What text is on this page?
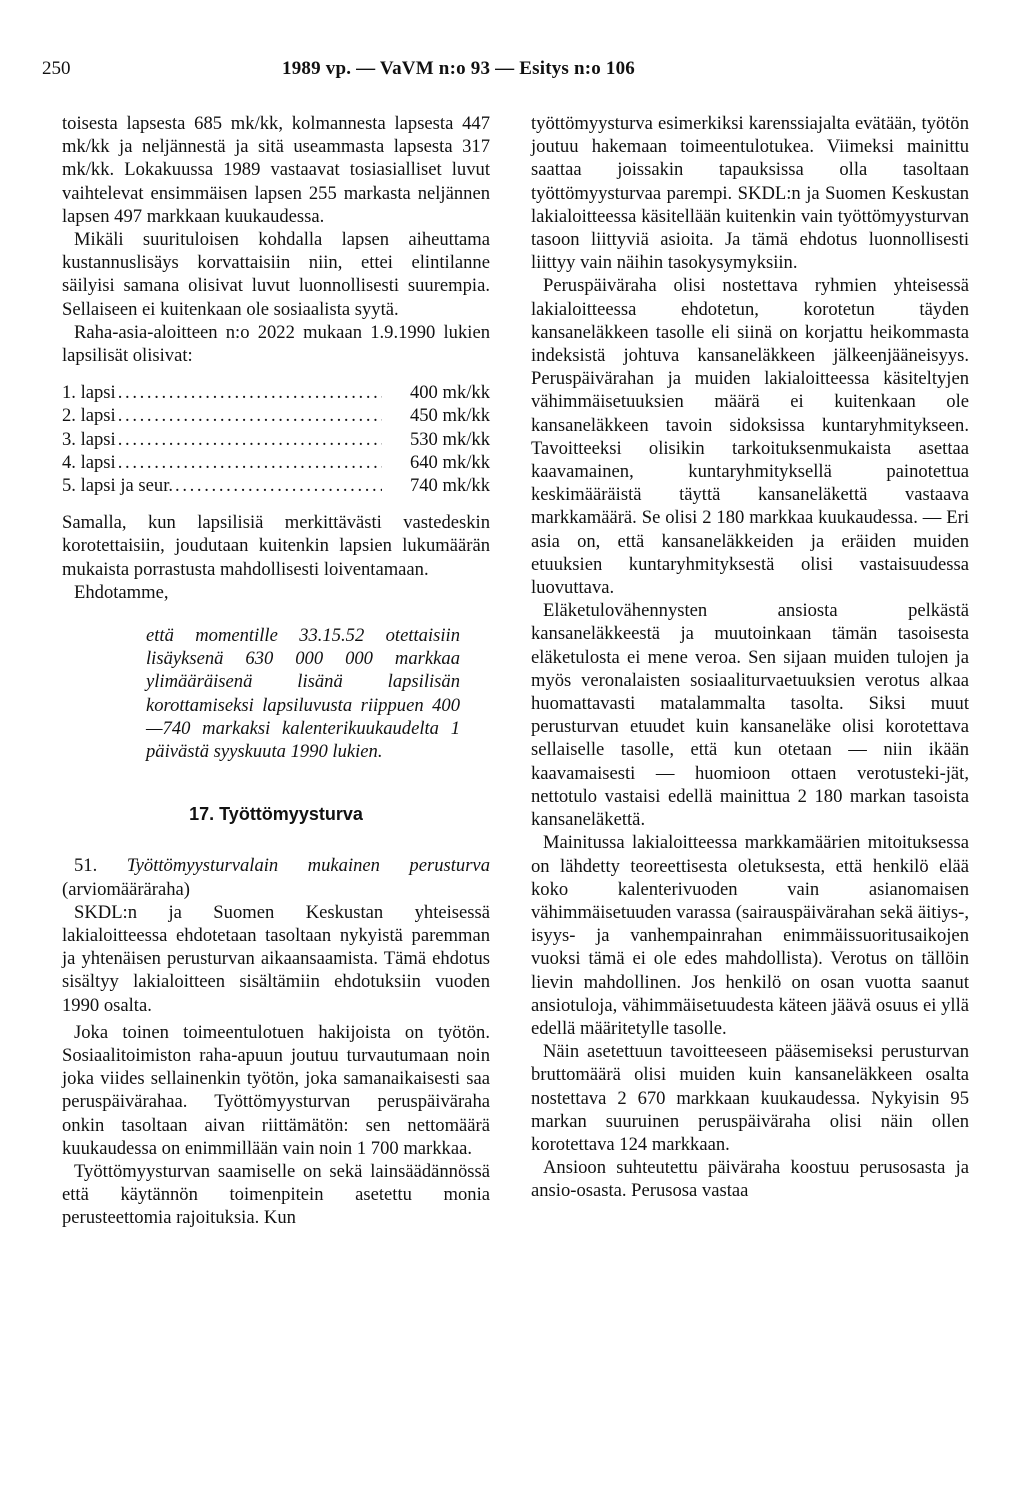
250	1989 vp. — VaVM n:o 93 — Esitys n:o 106

toisesta lapsesta 685 mk/kk, kolmannesta lapsesta 447 mk/kk ja neljännestä ja sitä useammasta lapsesta 317 mk/kk. Lokakuussa 1989 vastaavat tosiasialliset luvut vaihtelevat ensimmäisen lapsen 255 markasta neljännen lapsen 497 markkaan kuukaudessa.

Mikäli suurituloisen kohdalla lapsen aiheuttama kustannuslisäys korvattaisiin niin, ettei elintilanne säilyisi samana olisivat luvut luonnollisesti suurempia. Sellaiseen ei kuitenkaan ole sosiaalista syytä.

Raha-asia-aloitteen n:o 2022 mukaan 1.9.1990 lukien lapsilisät olisivat:

1. lapsi . . .	400 mk/kk
2. lapsi . . .	450 mk/kk
3. lapsi . . .	530 mk/kk
4. lapsi . . .	640 mk/kk
5. lapsi ja seur. . . .	740 mk/kk

Samalla, kun lapsilisiä merkittävästi vastedeskin korotettaisiin, joudutaan kuitenkin lapsien lukumäärän mukaista porrastusta mahdollisesti loiventamaan.

Ehdotamme,

että momentille 33.15.52 otettaisiin lisäyksenä 630 000 000 markkaa ylimääräisenä lisänä lapsilisän korottamiseksi lapsiluvusta riippuen 400—740 markaksi kalenterikuukaudelta 1 päivästä syyskuuta 1990 lukien.

17. Työttömyysturva

51. Työttömyysturvalain mukainen perusturva (arviomääräraha)

SKDL:n ja Suomen Keskustan yhteisessä lakialoitteessa ehdotetaan tasoltaan nykyistä paremman ja yhtenäisen perusturvan aikaansaamista. Tämä ehdotus sisältyy lakialoitteen sisältämiin ehdotuksiin vuoden 1990 osalta.

Joka toinen toimeentulotuen hakijoista on työtön. Sosiaalitoimiston raha-apuun joutuu turvautumaan noin joka viides sellainenkin työtön, joka samanaikaisesti saa peruspäivärahaa. Työttömyysturvan peruspäiväraha onkin tasoltaan aivan riittämätön: sen nettomäärä kuukaudessa on enimmillään vain noin 1 700 markkaa.

Työttömyysturvan saamiselle on sekä lainsäädännössä että käytännön toimenpitein asetettu monia perusteettomia rajoituksia. Kun

työttömyysturva esimerkiksi karenssiajalta evätään, työtön joutuu hakemaan toimeentulotukea. Viimeksi mainittu saattaa joissakin tapauksissa olla tasoltaan työttömyysturvaa parempi. SKDL:n ja Suomen Keskustan lakialoitteessa käsitellään kuitenkin vain työttömyysturvan tasoon liittyviä asioita. Ja tämä ehdotus luonnollisesti liittyy vain näihin tasokysymyksiin.

Peruspäiväraha olisi nostettava ryhmien yhteisessä lakialoitteessa ehdotetun, korotetun täyden kansaneläkkeen tasolle eli siinä on korjattu heikommasta indeksistä johtuva kansaneläkkeen jälkeenjääneisyys. Peruspäivärahan ja muiden lakialoitteessa käsiteltyjen vähimmäisetuuksien määrä ei kuitenkaan ole kansaneläkkeen tavoin sidoksissa kuntaryhmitykseen. Tavoitteeksi olisikin tarkoituksenmukaista asettaa kaavamainen, kuntaryhmityksellä painotettua keskimääräistä täyttä kansaneläkettä vastaava markkamäärä. Se olisi 2 180 markkaa kuukaudessa. — Eri asia on, että kansaneläkkeiden ja eräiden muiden etuuksien kuntaryhmityksestä olisi vastaisuudessa luovuttava.

Eläketulovähennysten ansiosta pelkästä kansaneläkkeestä ja muutoinkaan tämän tasoisesta eläketulosta ei mene veroa. Sen sijaan muiden tulojen ja myös veronalaisten sosiaaliturvaetuuksien verotus alkaa huomattavasti matalammalta tasolta. Siksi muut perusturvan etuudet kuin kansaneläke olisi korotettava sellaiselle tasolle, että kun otetaan — niin ikään kaavamaisesti — huomioon ottaen verotusteki-jät, nettotulo vastaisi edellä mainittua 2 180 markan tasoista kansaneläkettä.

Mainitussa lakialoitteessa markkamäärien mitoituksessa on lähdetty teoreettisesta oletuksesta, että henkilö elää koko kalenterivuoden vain asianomaisen vähimmäisetuuden varassa (sairauspäivärahan sekä äitiys-, isyys- ja vanhempainrahan enimmäissuoritusaikojen vuoksi tämä ei ole edes mahdollista). Verotus on tällöin lievin mahdollinen. Jos henkilö on osan vuotta saanut ansiotuloja, vähimmäisetuudesta käteen jäävä osuus ei yllä edellä määritetylle tasolle.

Näin asetettuun tavoitteeseen pääsemiseksi perusturvan bruttomäärä olisi muiden kuin kansaneläkkeen osalta nostettava 2 670 markkaan kuukaudessa. Nykyisin 95 markan suuruinen peruspäiväraha olisi näin ollen korotettava 124 markkaan.

Ansioon suhteutettu päiväraha koostuu perusosasta ja ansio-osasta. Perusosa vastaa
